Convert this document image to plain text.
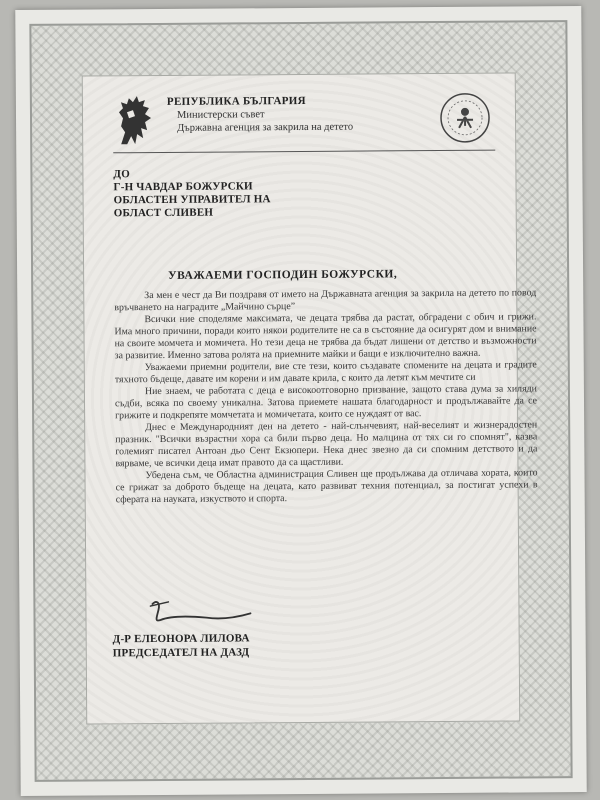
РЕПУБЛИКА БЪЛГАРИЯ
Министерски съвет
Държавна агенция за закрила на детето
ДО
Г-Н ЧАВДАР БОЖУРСКИ
ОБЛАСТЕН УПРАВИТЕЛ НА
ОБЛАСТ СЛИВЕН
УВАЖАЕМИ ГОСПОДИН БОЖУРСКИ,

За мен е чест да Ви поздравя от името на Държавната агенция за закрила на детето по повод връчването на наградите „Майчино сърце”

Всички ние споделяме максимата, че децата трябва да растат, обградени с обич и грижи. Има много причини, поради които някои родителите не са в състояние да осигурят дом и внимание на своите момчета и момичета. Но тези деца не трябва да бъдат лишени от детство и възможности за развитие. Именно затова ролята на приемните майки и бащи е изключително важна.

Уважаеми приемни родители, вие сте тези, които създавате спомените на децата и градите тяхното бъдеще, давате им корени и им давате крила, с които да летят към мечтите си

Ние знаем, че работата с деца е високоотговорно призвание, защото става дума за хиляди съдби, всяка по своему уникална. Затова приемете нашата благодарност и продължавайте да се грижите и подкрепяте момчетата и момичетата, които се нуждаят от вас.

Днес е Международният ден на детето - най-слънчевият, най-веселият и жизнерадостен празник. "Всички възрастни хора са били първо деца. Но малцина от тях си го спомнят", казва големият писател Антоан дьо Сент Екзюпери. Нека днес звезно да си спомним детството и да вярваме, че всички деца имат правото да са щастливи.

Убедена съм, че Областна администрация Сливен ще продължава да отличава хората, които се грижат за доброто бъдеще на децата, като развиват техния потенциал, за постигат успехи в сферата на науката, изкуството и спорта.

Д-Р ЕЛЕОНОРА ЛИЛОВА
ПРЕДСЕДАТЕЛ НА ДАЗД
